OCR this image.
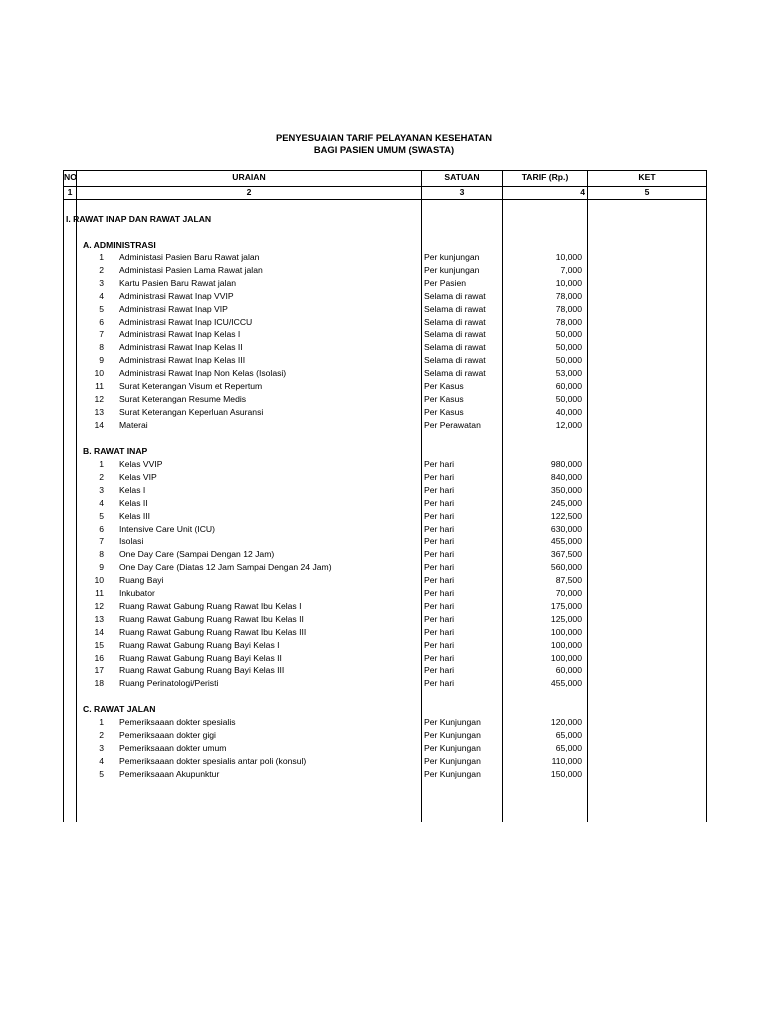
PENYESUAIAN TARIF PELAYANAN KESEHATAN
BAGI PASIEN UMUM (SWASTA)
NO	URAIAN	SATUAN	TARIF (Rp.)	KET
1	2	3	4	5
I. RAWAT INAP DAN RAWAT JALAN
A. ADMINISTRASI
1 Administasi Pasien Baru Rawat jalan	Per kunjungan	10,000
2 Administasi Pasien Lama Rawat jalan	Per kunjungan	7,000
3 Kartu Pasien Baru Rawat jalan	Per Pasien	10,000
4 Administrasi Rawat Inap VVIP	Selama di rawat	78,000
5 Administrasi Rawat Inap VIP	Selama di rawat	78,000
6 Administrasi Rawat Inap ICU/ICCU	Selama di rawat	78,000
7 Administrasi Rawat Inap Kelas I	Selama di rawat	50,000
8 Administrasi Rawat Inap Kelas II	Selama di rawat	50,000
9 Administrasi Rawat Inap Kelas III	Selama di rawat	50,000
10 Administrasi Rawat Inap Non Kelas (Isolasi)	Selama di rawat	53,000
11 Surat Keterangan Visum et Repertum	Per Kasus	60,000
12 Surat Keterangan Resume Medis	Per Kasus	50,000
13 Surat Keterangan Keperluan Asuransi	Per Kasus	40,000
14 Materai	Per Perawatan	12,000
B. RAWAT INAP
1 Kelas VVIP	Per hari	980,000
2 Kelas VIP	Per hari	840,000
3 Kelas I	Per hari	350,000
4 Kelas II	Per hari	245,000
5 Kelas III	Per hari	122,500
6 Intensive Care Unit (ICU)	Per hari	630,000
7 Isolasi	Per hari	455,000
8 One Day Care (Sampai Dengan 12 Jam)	Per hari	367,500
9 One Day Care (Diatas 12 Jam Sampai Dengan 24 Jam)	Per hari	560,000
10 Ruang Bayi	Per hari	87,500
11 Inkubator	Per hari	70,000
12 Ruang Rawat Gabung Ruang Rawat Ibu Kelas I	Per hari	175,000
13 Ruang Rawat Gabung Ruang Rawat Ibu Kelas II	Per hari	125,000
14 Ruang Rawat Gabung Ruang Rawat Ibu Kelas III	Per hari	100,000
15 Ruang Rawat Gabung Ruang Bayi Kelas I	Per hari	100,000
16 Ruang Rawat Gabung Ruang Bayi Kelas II	Per hari	100,000
17 Ruang Rawat Gabung Ruang Bayi Kelas III	Per hari	60,000
18 Ruang Perinatologi/Peristi	Per hari	455,000
C. RAWAT JALAN
1 Pemeriksaaan dokter spesialis	Per Kunjungan	120,000
2 Pemeriksaaan dokter gigi	Per Kunjungan	65,000
3 Pemeriksaaan dokter umum	Per Kunjungan	65,000
4 Pemeriksaaan dokter spesialis antar poli (konsul)	Per Kunjungan	110,000
5 Pemeriksaaan Akupunktur	Per Kunjungan	150,000
